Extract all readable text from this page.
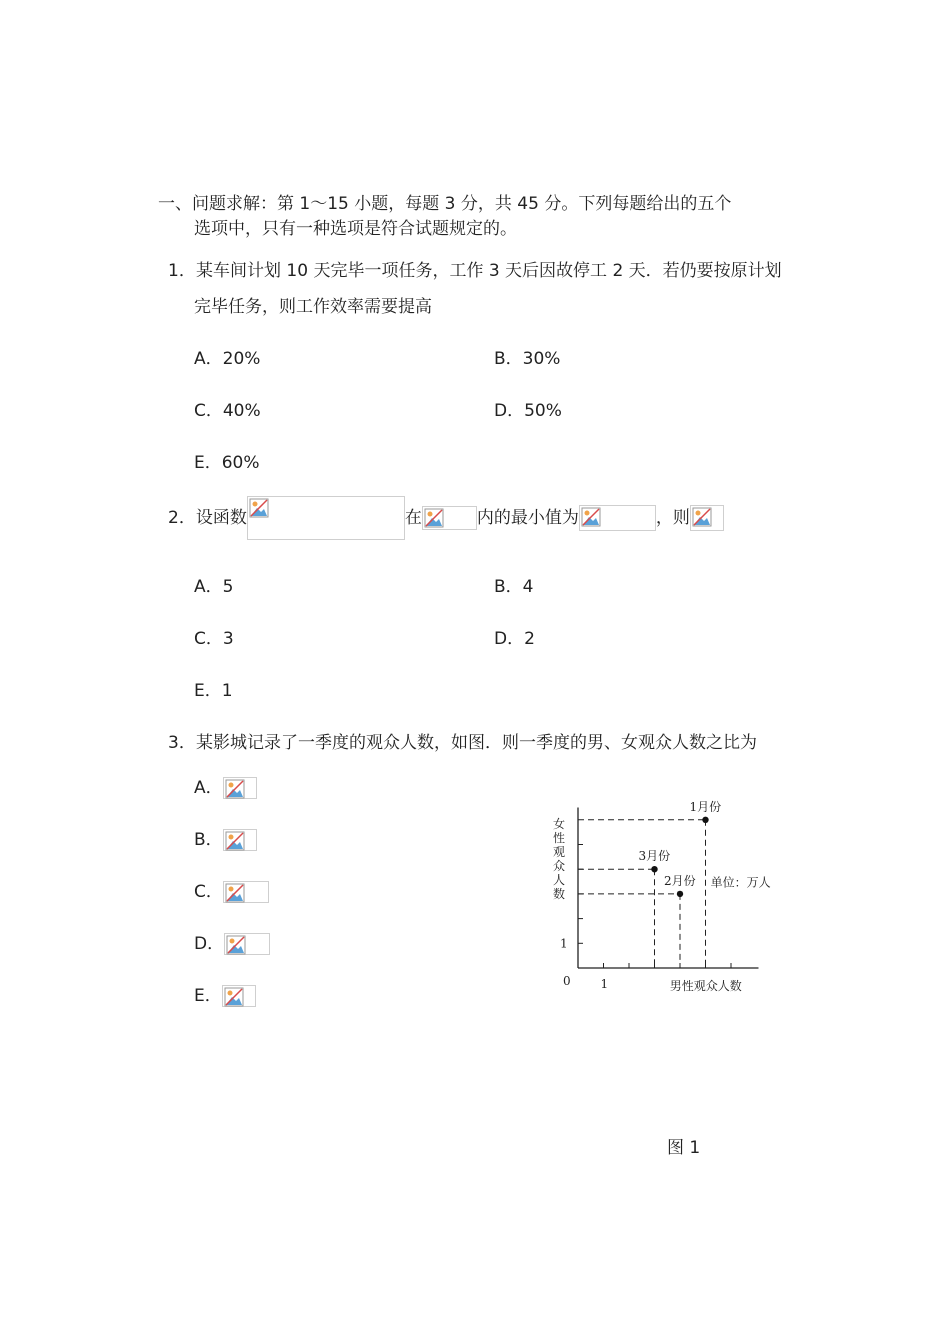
一、问题求解：第 1～15 小题，每题 3 分，共 45 分。下列每题给出的五个
选项中，只有一种选项是符合试题规定的。
1． 某车间计划 10 天完毕一项任务，工作 3 天后因故停工 2 天．若仍要按原计划
完毕任务，则工作效率需要提高
A．20%	B．30%
C．40%	D．50%
E．60%
2．设函数	在	内的最小值为	，则
A．5	B．4
C．3	D．2
E．1
3． 某影城记录了一季度的观众人数，如图．则一季度的男、女观众人数之比为
A．
B．
C．
D．
E．
1月份
2月份
3月份
女
性
观
众
人
数
男性观众人数
单位：万人
0 1
1
图 1
